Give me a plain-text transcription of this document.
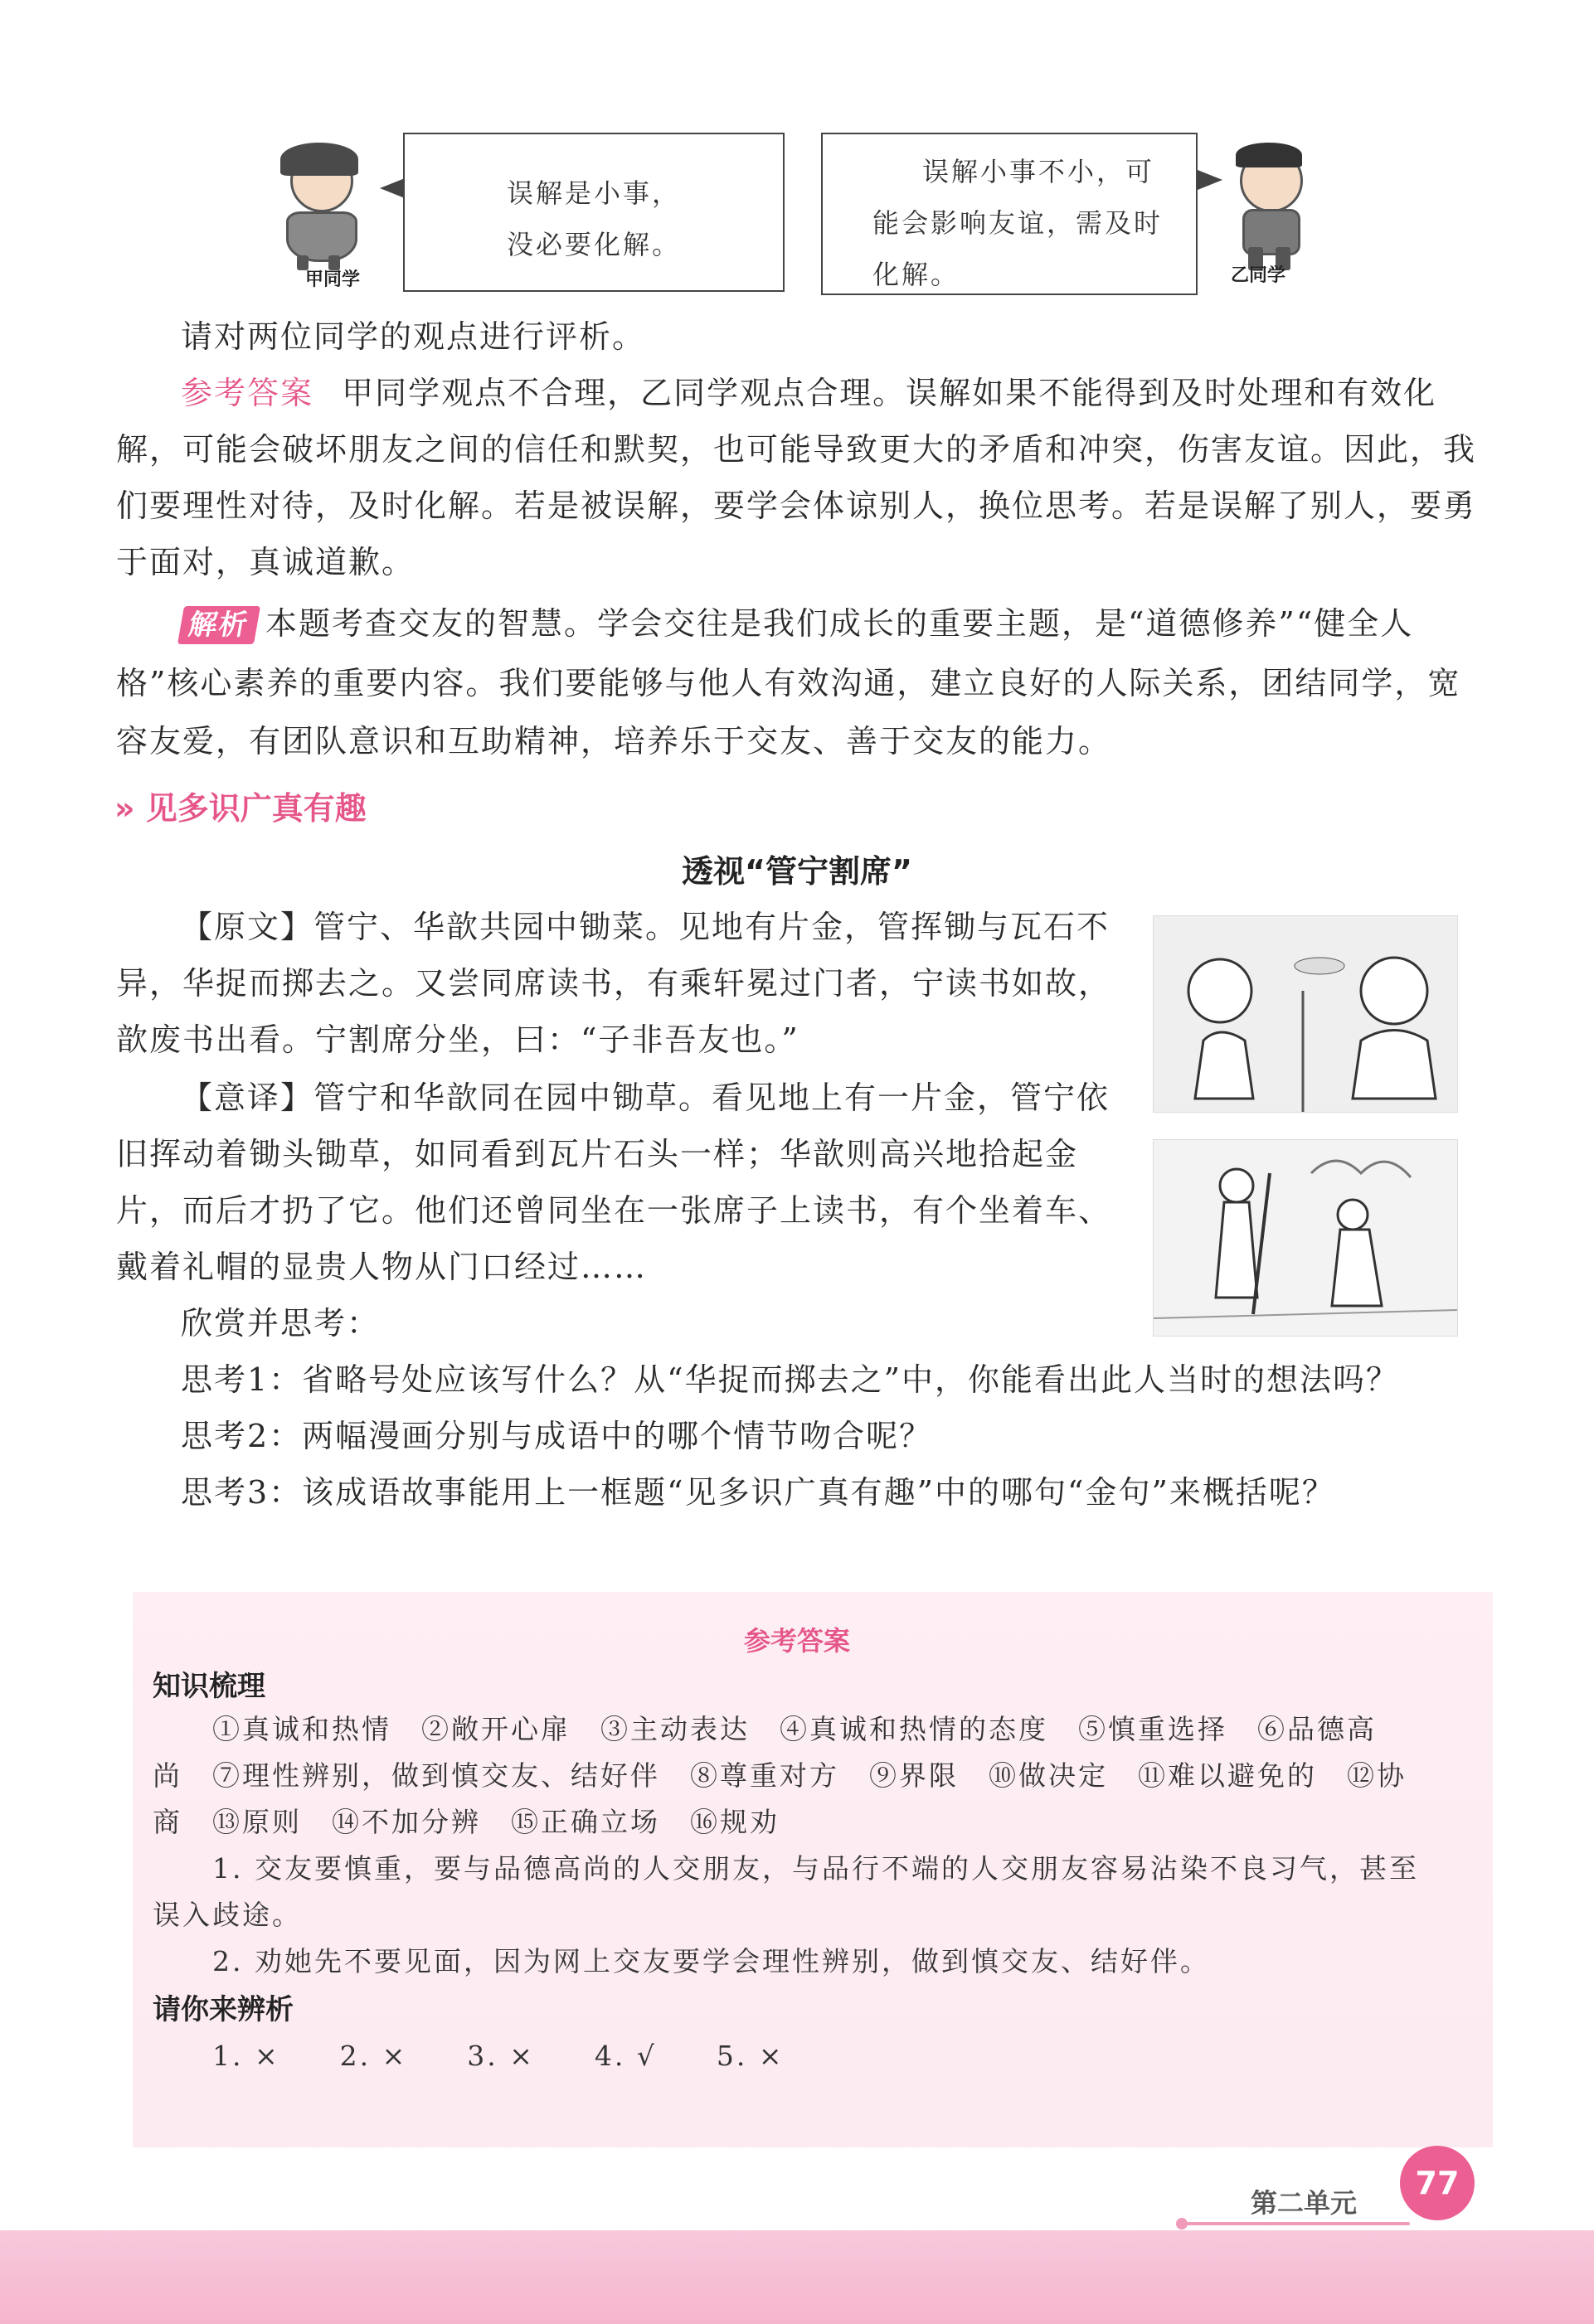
甲同学
误解是小事，
没必要化解。
误解小事不小，可
能会影响友谊，需及时
化解。	乙同学
请对两位同学的观点进行评析。
参考答案 甲同学观点不合理，乙同学观点合理。误解如果不能得到及时处理和有效化
解，可能会破坏朋友之间的信任和默契，也可能导致更大的矛盾和冲突，伤害友谊。因此，我
们要理性对待，及时化解。若是被误解，要学会体谅别人，换位思考。若是误解了别人，要勇
于面对，真诚道歉。
解析 本题考查交友的智慧。学会交往是我们成长的重要主题，是“道德修养”“健全人
格”核心素养的重要内容。我们要能够与他人有效沟通，建立良好的人际关系，团结同学，宽
容友爱，有团队意识和互助精神，培养乐于交友、善于交友的能力。
» 见多识广真有趣
透视“管宁割席”
【原文】管宁、华歆共园中锄菜。见地有片金，管挥锄与瓦石不
异，华捉而掷去之。又尝同席读书，有乘轩冕过门者，宁读书如故，
歆废书出看。宁割席分坐，曰：“子非吾友也。”
【意译】管宁和华歆同在园中锄草。看见地上有一片金，管宁依
旧挥动着锄头锄草，如同看到瓦片石头一样；华歆则高兴地拾起金
片，而后才扔了它。他们还曾同坐在一张席子上读书，有个坐着车、
戴着礼帽的显贵人物从门口经过……
欣赏并思考：
思考1：省略号处应该写什么？从“华捉而掷去之”中，你能看出此人当时的想法吗？
思考2：两幅漫画分别与成语中的哪个情节吻合呢？
思考3：该成语故事能用上一框题“见多识广真有趣”中的哪句“金句”来概括呢？
参考答案
知识梳理
①真诚和热情　②敞开心扉　③主动表达　④真诚和热情的态度　⑤慎重选择　⑥品德高
尚　⑦理性辨别，做到慎交友、结好伴　⑧尊重对方　⑨界限　⑩做决定　⑪难以避免的　⑫协
商　⑬原则　⑭不加分辨　⑮正确立场　⑯规劝
1. 交友要慎重，要与品德高尚的人交朋友，与品行不端的人交朋友容易沾染不良习气，甚至
误入歧途。
2. 劝她先不要见面，因为网上交友要学会理性辨别，做到慎交友、结好伴。
请你来辨析
1. ×　　2. ×　　3. ×　　4. √　　5. ×
第二单元
77
